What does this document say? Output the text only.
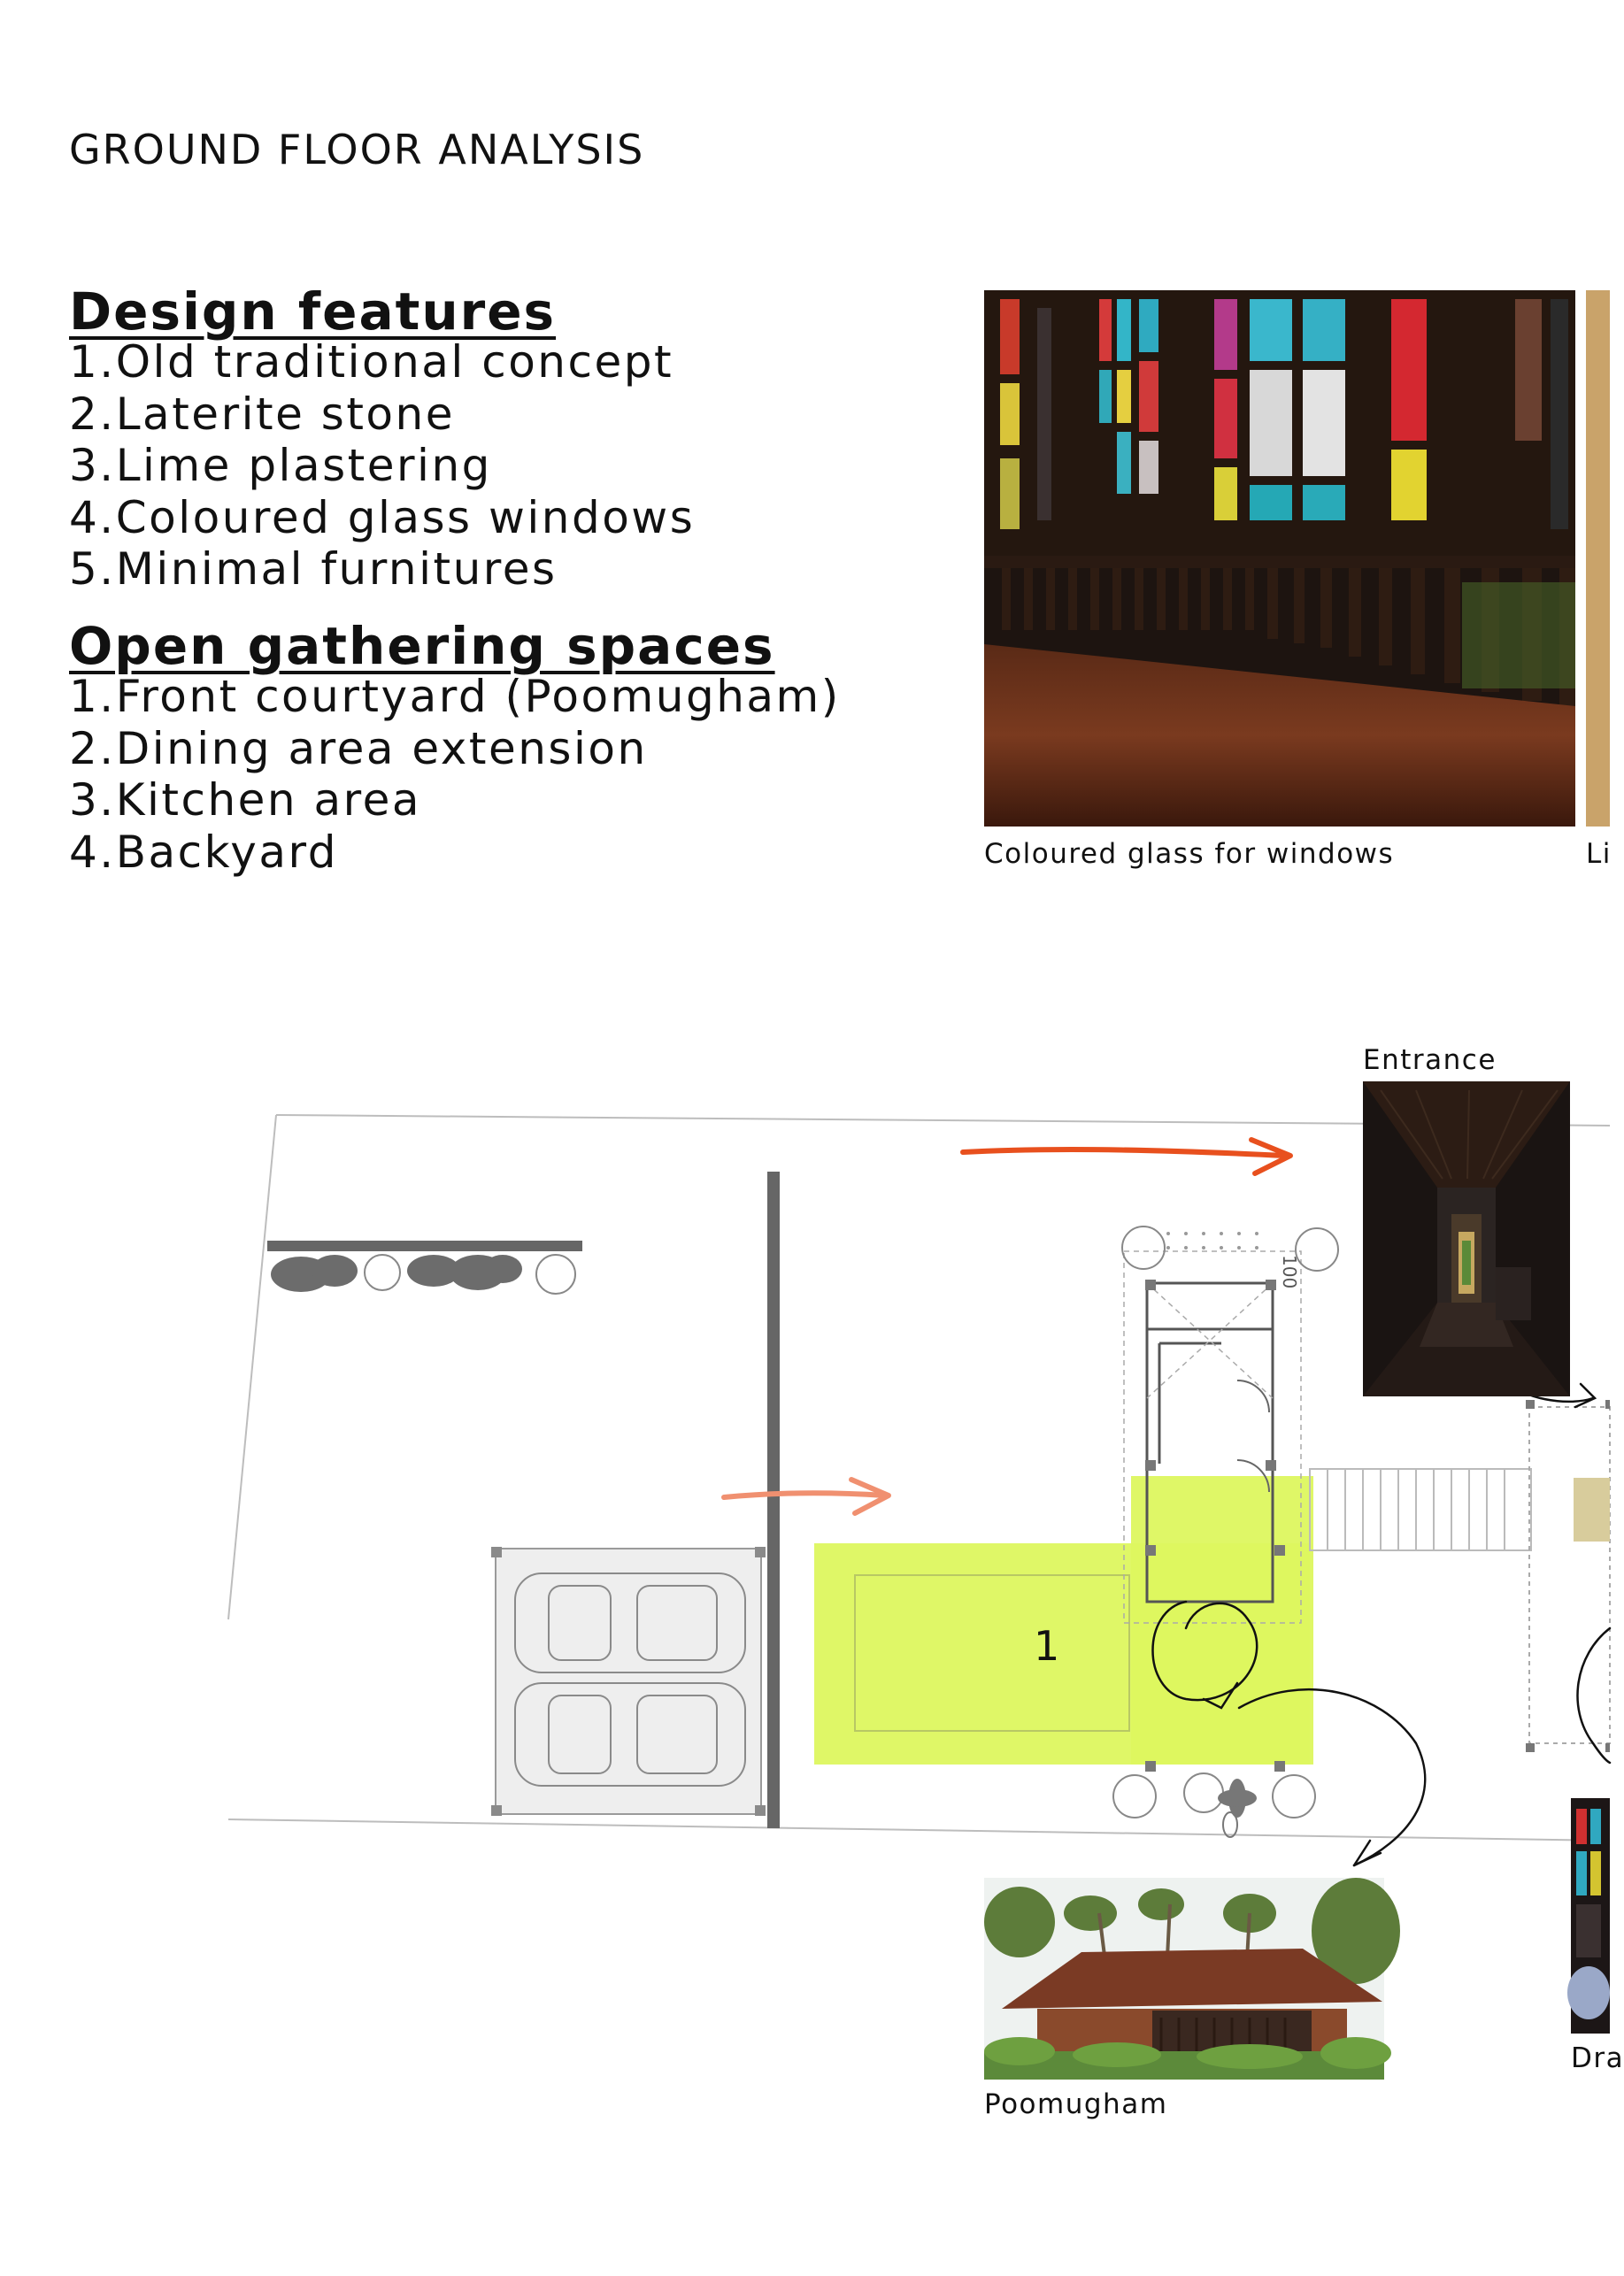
GROUND FLOOR ANALYSIS
Design features
1.Old traditional concept
2.Laterite stone
3.Lime plastering
4.Coloured glass windows
5.Minimal furnitures
Open gathering spaces
1.Front courtyard (Poomugham)
2.Dining area extension
3.Kitchen area
4.Backyard	Coloured glass for windows	Li
1
100
Entrance
Poomugham
Dra
